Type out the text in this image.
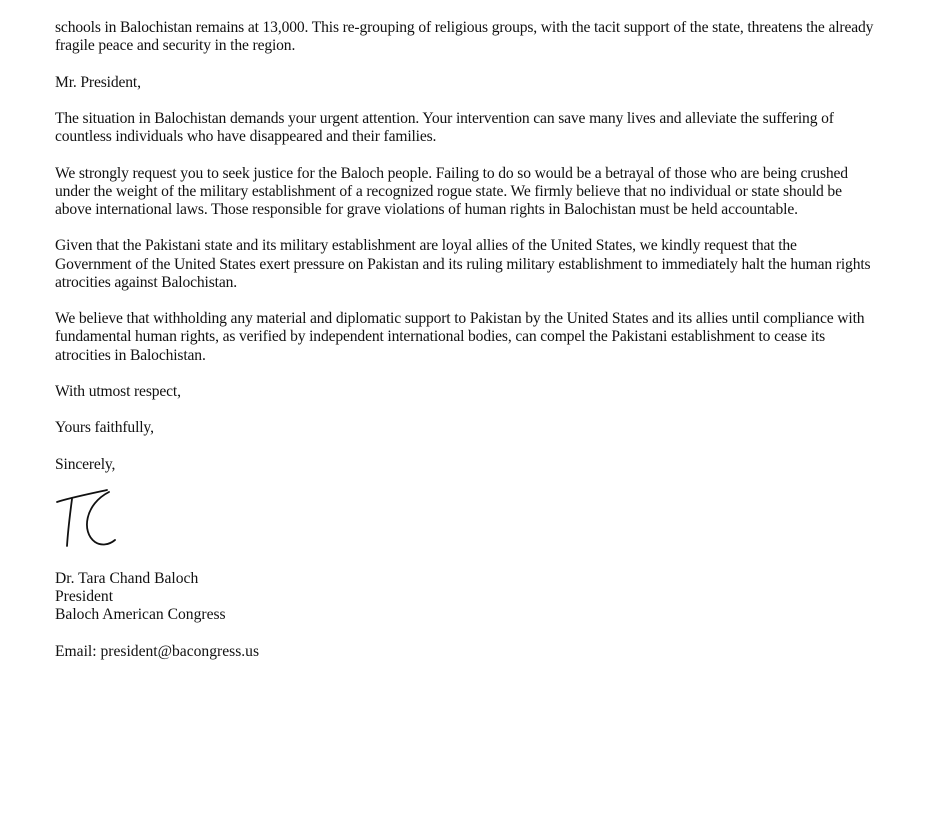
schools in Balochistan remains at 13,000. This re-grouping of religious groups, with the tacit support of the state, threatens the already fragile peace and security in the region.

Mr. President,

The situation in Balochistan demands your urgent attention. Your intervention can save many lives and alleviate the suffering of countless individuals who have disappeared and their families.

We strongly request you to seek justice for the Baloch people. Failing to do so would be a betrayal of those who are being crushed under the weight of the military establishment of a recognized rogue state. We firmly believe that no individual or state should be above international laws. Those responsible for grave violations of human rights in Balochistan must be held accountable.

Given that the Pakistani state and its military establishment are loyal allies of the United States, we kindly request that the Government of the United States exert pressure on Pakistan and its ruling military establishment to immediately halt the human rights atrocities against Balochistan.

We believe that withholding any material and diplomatic support to Pakistan by the United States and its allies until compliance with fundamental human rights, as verified by independent international bodies, can compel the Pakistani establishment to cease its atrocities in Balochistan.

With utmost respect,

Yours faithfully,

Sincerely,

Dr. Tara Chand Baloch
President
Baloch American Congress
Email: president@bacongress.us
